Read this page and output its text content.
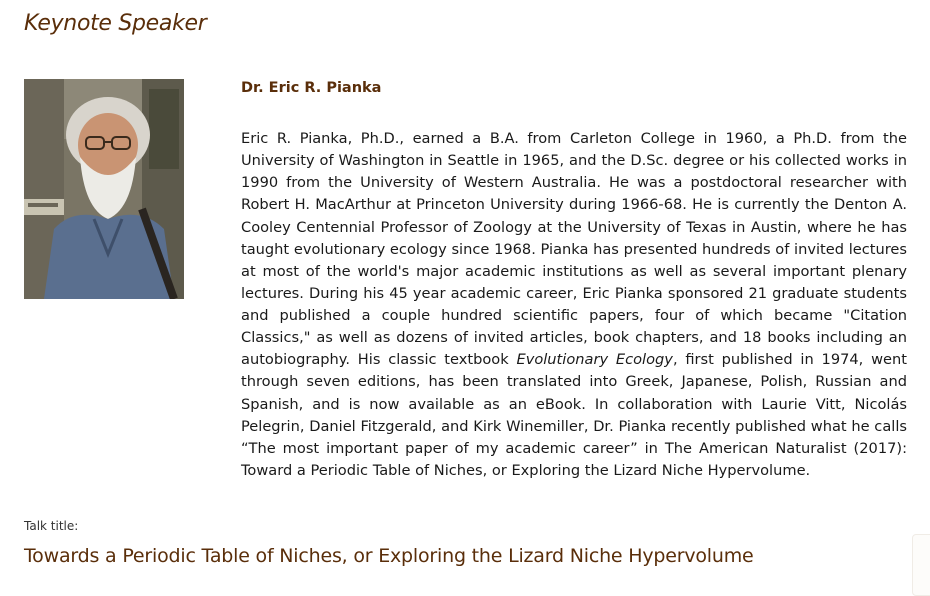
Keynote Speaker
Dr. Eric R. Pianka

Eric R. Pianka, Ph.D., earned a B.A. from Carleton College in 1960, a Ph.D. from the University of Washington in Seattle in 1965, and the D.Sc. degree or his collected works in 1990 from the University of Western Australia. He was a postdoctoral researcher with Robert H. MacArthur at Princeton University during 1966-68. He is currently the Denton A. Cooley Centennial Professor of Zoology at the University of Texas in Austin, where he has taught evolutionary ecology since 1968. Pianka has presented hundreds of invited lectures at most of the world's major academic institutions as well as several important plenary lectures. During his 45 year academic career, Eric Pianka sponsored 21 graduate students and published a couple hundred scientific papers, four of which became "Citation Classics," as well as dozens of invited articles, book chapters, and 18 books including an autobiography. His classic textbook Evolutionary Ecology, first published in 1974, went through seven editions, has been translated into Greek, Japanese, Polish, Russian and Spanish, and is now available as an eBook. In collaboration with Laurie Vitt, Nicolás Pelegrin, Daniel Fitzgerald, and Kirk Winemiller, Dr. Pianka recently published what he calls “The most important paper of my academic career” in The American Naturalist (2017): Toward a Periodic Table of Niches, or Exploring the Lizard Niche Hypervolume.

Talk title:
Towards a Periodic Table of Niches, or Exploring the Lizard Niche Hypervolume
